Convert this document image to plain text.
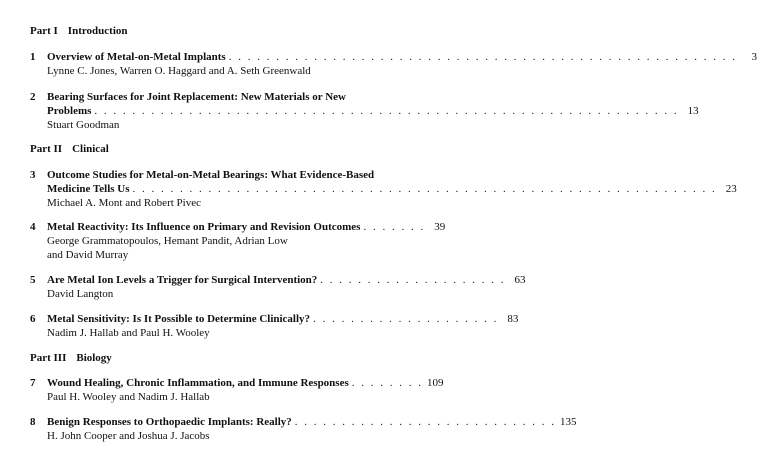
Part I Introduction
1 Overview of Metal-on-Metal Implants . . . . . . . . . . . . . . . . . . . . . . . . . . . . . . . . . . . . . . . . . . . . . . . . . . . . . .	3
Lynne C. Jones, Warren O. Haggard and A. Seth Greenwald
2 Bearing Surfaces for Joint Replacement: New Materials or New
Problems . . . . . . . . . . . . . . . . . . . . . . . . . . . . . . . . . . . . . . . . . . . . . . . . . . . . . . . . . . . . . . 13
Stuart Goodman
Part II Clinical
3 Outcome Studies for Metal-on-Metal Bearings: What Evidence-Based
Medicine Tells Us . . . . . . . . . . . . . . . . . . . . . . . . . . . . . . . . . . . . . . . . . . . . . . . . . . . . . . . . . . . . . . 23
Michael A. Mont and Robert Pivec
4 Metal Reactivity: Its Influence on Primary and Revision Outcomes . . . . . . . 39
George Grammatopoulos, Hemant Pandit, Adrian Low
and David Murray
5 Are Metal Ion Levels a Trigger for Surgical Intervention? . . . . . . . . . . . . . . . . . . . . 63
David Langton
6 Metal Sensitivity: Is It Possible to Determine Clinically? . . . . . . . . . . . . . . . . . . . . 83
Nadim J. Hallab and Paul H. Wooley
Part III Biology
7 Wound Healing, Chronic Inflammation, and Immune Responses . . . . . . . . 109
Paul H. Wooley and Nadim J. Hallab
8 Benign Responses to Orthopaedic Implants: Really? . . . . . . . . . . . . . . . . . . . . . . . . . . . . 135
H. John Cooper and Joshua J. Jacobs
